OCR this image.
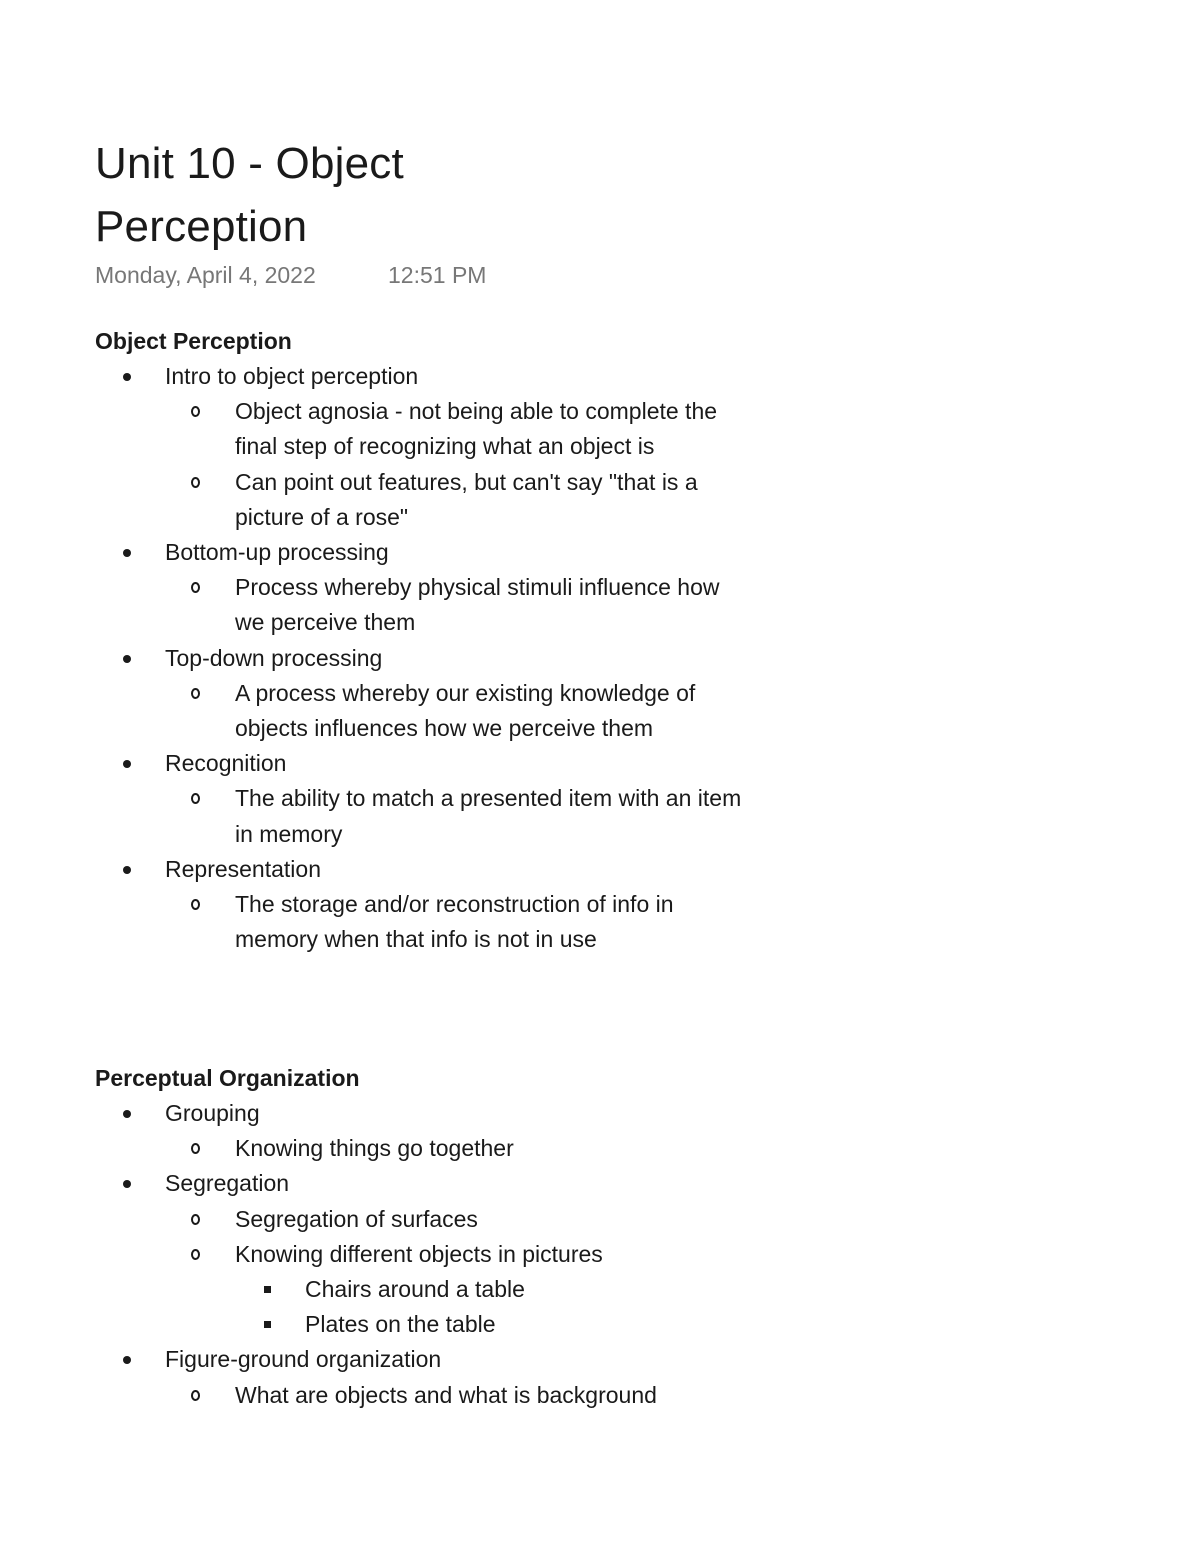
Unit 10 - Object Perception
Monday, April 4, 2022	12:51 PM

Object Perception

Intro to object perception
Object agnosia - not being able to complete the final step of recognizing what an object is
Can point out features, but can't say "that is a picture of a rose"
Bottom-up processing
Process whereby physical stimuli influence how we perceive them
Top-down processing
A process whereby our existing knowledge of objects influences how we perceive them
Recognition
The ability to match a presented item with an item in memory
Representation
The storage and/or reconstruction of info in memory when that info is not in use

Perceptual Organization

Grouping
Knowing things go together
Segregation
Segregation of surfaces
Knowing different objects in pictures
Chairs around a table
Plates on the table
Figure-ground organization
What are objects and what is background
